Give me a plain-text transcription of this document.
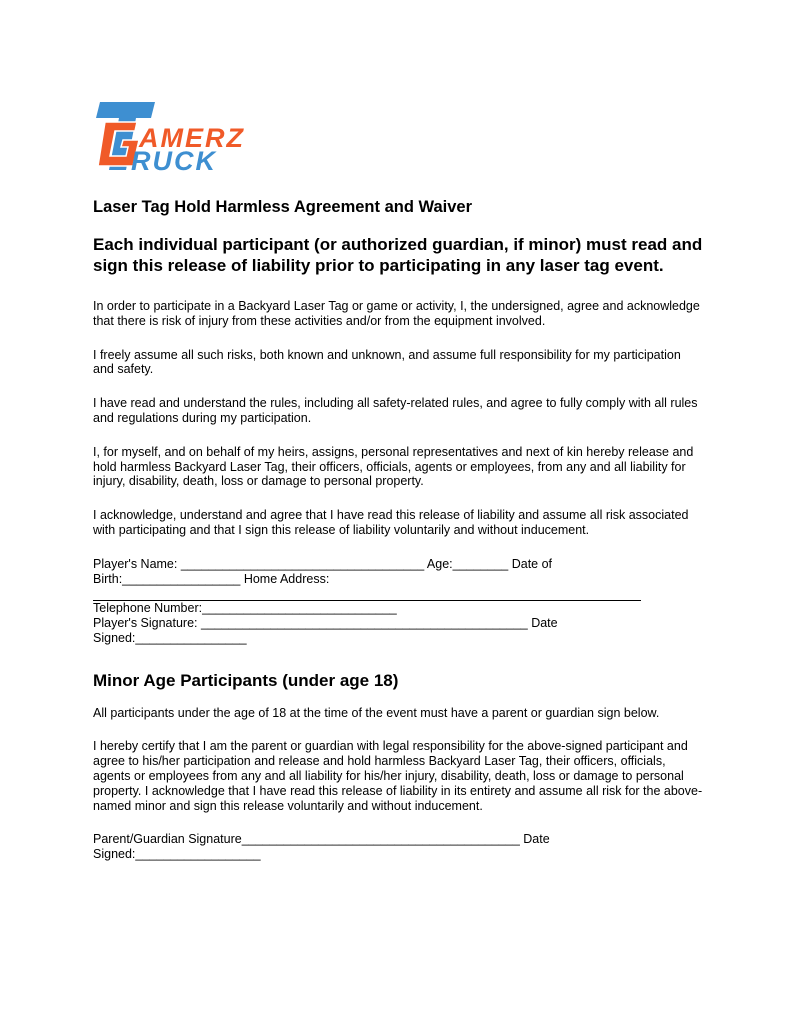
AMERZ
RUCK
Laser Tag Hold Harmless Agreement and Waiver
Each individual participant (or authorized guardian, if minor) must read and sign this release of liability prior to participating in any laser tag event.

In order to participate in a Backyard Laser Tag or game or activity, I, the undersigned, agree and acknowledge that there is risk of injury from these activities and/or from the equipment involved.

I freely assume all such risks, both known and unknown, and assume full responsibility for my participation and safety.

I have read and understand the rules, including all safety-related rules, and agree to fully comply with all rules and regulations during my participation.

I, for myself, and on behalf of my heirs, assigns, personal representatives and next of kin hereby release and hold harmless Backyard Laser Tag, their officers, officials, agents or employees, from any and all liability for injury, disability, death, loss or damage to personal property.

I acknowledge, understand and agree that I have read this release of liability and assume all risk associated with participating and that I sign this release of liability voluntarily and without inducement.

Player's Name: ___________________________________ Age:________ Date of
Birth:_________________ Home Address:
Telephone Number:____________________________
Player's Signature: _______________________________________________ Date
Signed:________________
Minor Age Participants (under age 18)

All participants under the age of 18 at the time of the event must have a parent or guardian sign below.

I hereby certify that I am the parent or guardian with legal responsibility for the above-signed participant and agree to his/her participation and release and hold harmless Backyard Laser Tag, their officers, officials, agents or employees from any and all liability for his/her injury, disability, death, loss or damage to personal property. I acknowledge that I have read this release of liability in its entirety and assume all risk for the above-named minor and sign this release voluntarily and without inducement.

Parent/Guardian Signature________________________________________ Date
Signed:__________________
